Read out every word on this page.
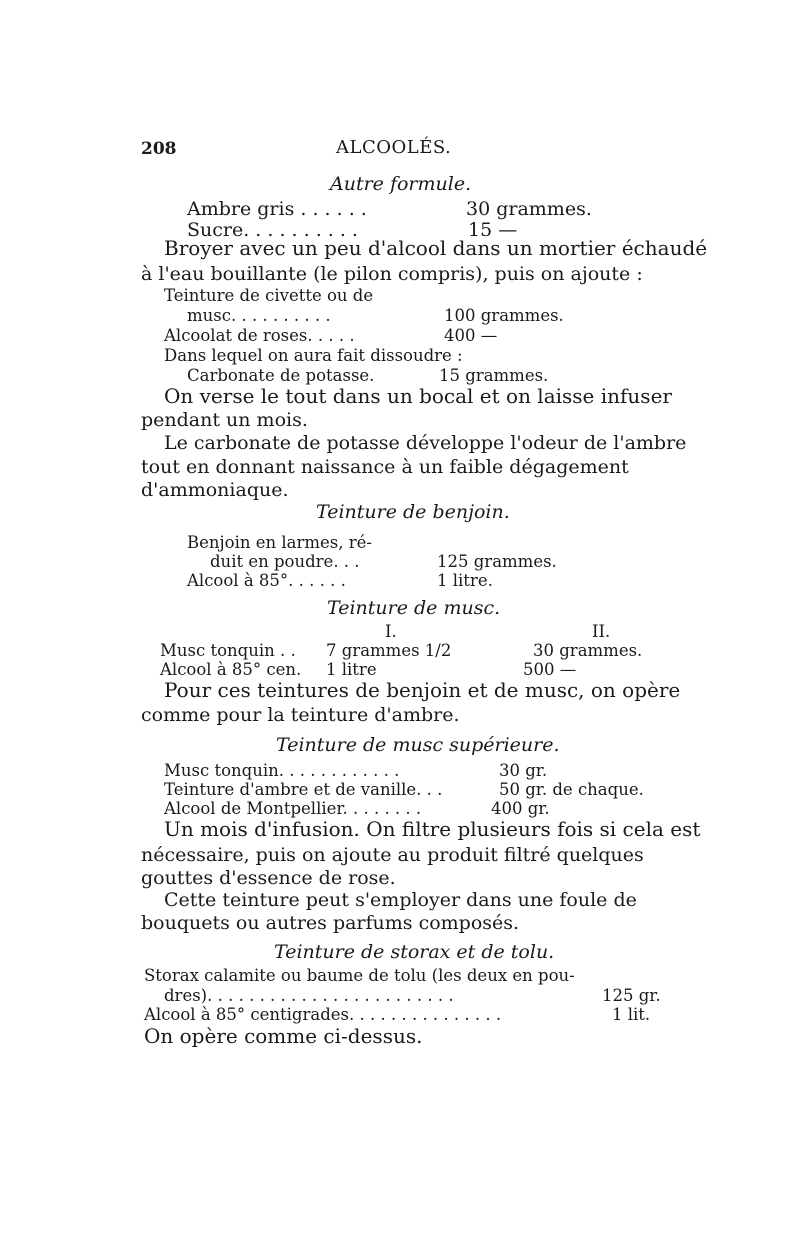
208	ALCOOLÉS.
Autre formule.
Ambre gris . . . . . .	30 grammes.
Sucre. . . . . . . . . .	15 —
Broyer avec un peu d'alcool dans un mortier échaudé
à l'eau bouillante (le pilon compris), puis on ajoute :
Teinture de civette ou de
musc. . . . . . . . . .	100 grammes.
Alcoolat de roses. . . . .	400 —
Dans lequel on aura fait dissoudre :
Carbonate de potasse.	15 grammes.
On verse le tout dans un bocal et on laisse infuser
pendant un mois.
Le carbonate de potasse développe l'odeur de l'ambre
tout en donnant naissance à un faible dégagement
d'ammoniaque.
Teinture de benjoin.
Benjoin en larmes, ré-
duit en poudre. . .	125 grammes.
Alcool à 85°. . . . . .	1 litre.
Teinture de musc.
I.	II.
Musc tonquin . . 7 grammes 1/2	30 grammes.
Alcool à 85° cen. 1 litre	500 —
Pour ces teintures de benjoin et de musc, on opère
comme pour la teinture d'ambre.
Teinture de musc supérieure.
Musc tonquin. . . . . . . . . . . .	30 gr.
Teinture d'ambre et de vanille. . .	50 gr. de chaque.
Alcool de Montpellier. . . . . . . .	400 gr.
Un mois d'infusion. On filtre plusieurs fois si cela est
nécessaire, puis on ajoute au produit filtré quelques
gouttes d'essence de rose.
Cette teinture peut s'employer dans une foule de
bouquets ou autres parfums composés.
Teinture de storax et de tolu.
Storax calamite ou baume de tolu (les deux en pou-
dres). . . . . . . . . . . . . . . . . . . . . . . .	125 gr.
Alcool à 85° centigrades. . . . . . . . . . . . . . .	1 lit.
On opère comme ci-dessus.
